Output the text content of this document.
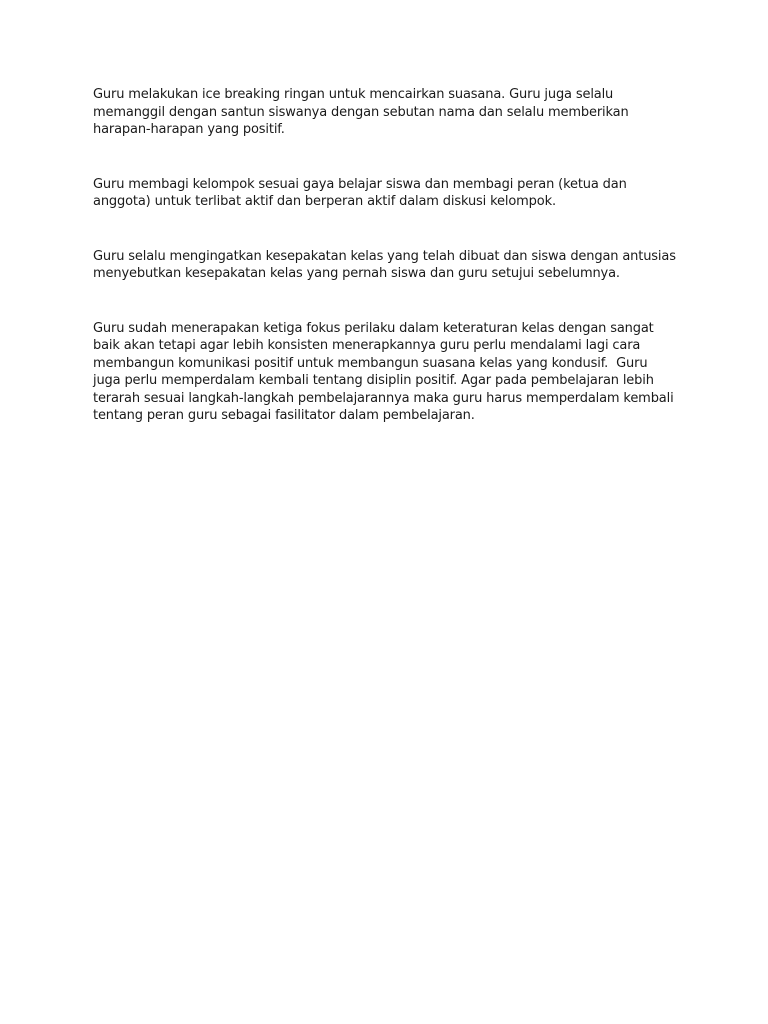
Guru melakukan ice breaking ringan untuk mencairkan suasana. Guru juga selalu memanggil dengan santun siswanya dengan sebutan nama dan selalu memberikan harapan-harapan yang positif.

Guru membagi kelompok sesuai gaya belajar siswa dan membagi peran (ketua dan anggota) untuk terlibat aktif dan berperan aktif dalam diskusi kelompok.

Guru selalu mengingatkan kesepakatan kelas yang telah dibuat dan siswa dengan antusias menyebutkan kesepakatan kelas yang pernah siswa dan guru setujui sebelumnya.

Guru sudah menerapakan ketiga fokus perilaku dalam keteraturan kelas dengan sangat baik akan tetapi agar lebih konsisten menerapkannya guru perlu mendalami lagi cara membangun komunikasi positif untuk membangun suasana kelas yang kondusif.  Guru juga perlu memperdalam kembali tentang disiplin positif. Agar pada pembelajaran lebih terarah sesuai langkah-langkah pembelajarannya maka guru harus memperdalam kembali tentang peran guru sebagai fasilitator dalam pembelajaran.
